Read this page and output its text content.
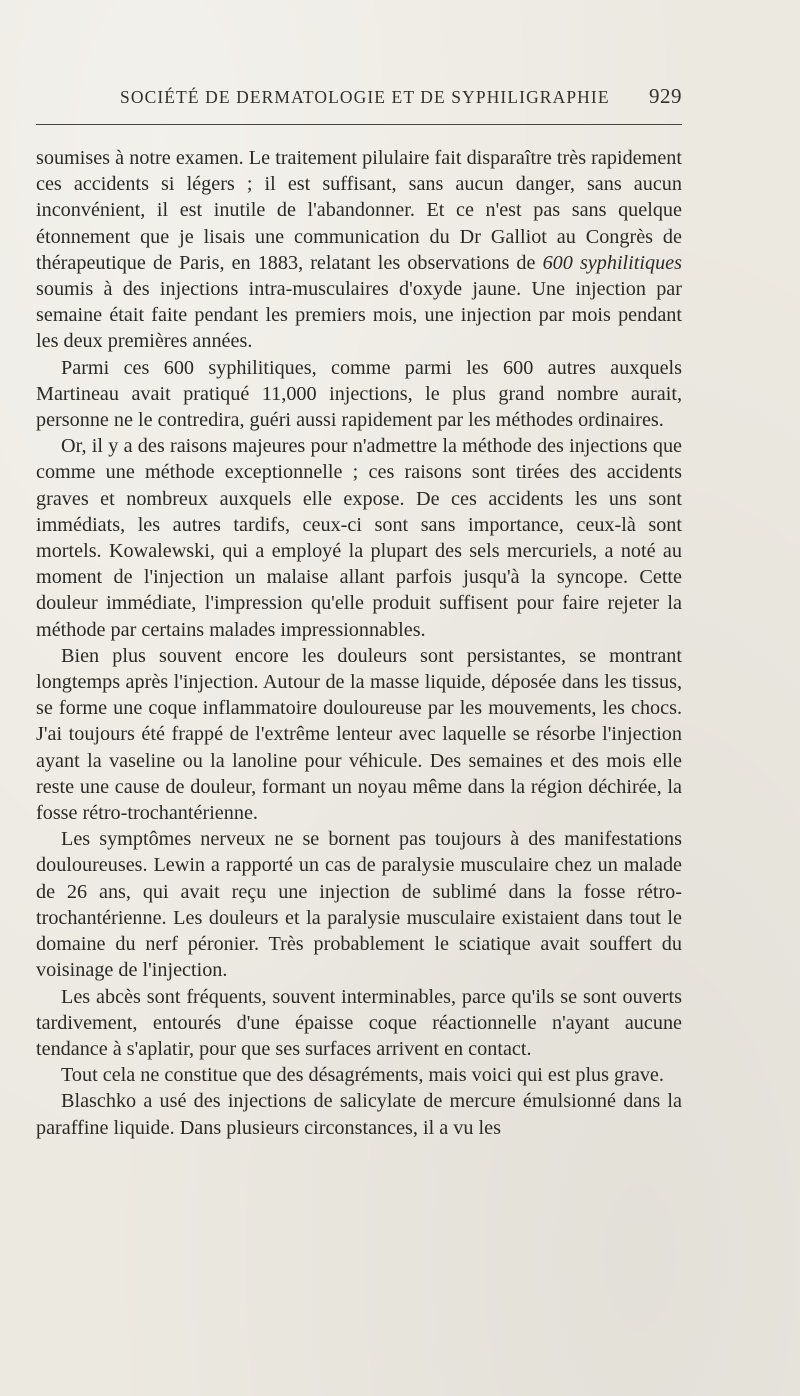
SOCIÉTÉ DE DERMATOLOGIE ET DE SYPHILIGRAPHIE 929

soumises à notre examen. Le traitement pilulaire fait disparaître très rapidement ces accidents si légers ; il est suffisant, sans aucun danger, sans aucun inconvénient, il est inutile de l'abandonner. Et ce n'est pas sans quelque étonnement que je lisais une communication du Dr Galliot au Congrès de thérapeutique de Paris, en 1883, relatant les observations de 600 syphilitiques soumis à des injections intra-musculaires d'oxyde jaune. Une injection par semaine était faite pendant les premiers mois, une injection par mois pendant les deux premières années.

Parmi ces 600 syphilitiques, comme parmi les 600 autres auxquels Martineau avait pratiqué 11,000 injections, le plus grand nombre aurait, personne ne le contredira, guéri aussi rapidement par les méthodes ordinaires.

Or, il y a des raisons majeures pour n'admettre la méthode des injections que comme une méthode exceptionnelle ; ces raisons sont tirées des accidents graves et nombreux auxquels elle expose. De ces accidents les uns sont immédiats, les autres tardifs, ceux-ci sont sans importance, ceux-là sont mortels. Kowalewski, qui a employé la plupart des sels mercuriels, a noté au moment de l'injection un malaise allant parfois jusqu'à la syncope. Cette douleur immédiate, l'impression qu'elle produit suffisent pour faire rejeter la méthode par certains malades impressionnables.

Bien plus souvent encore les douleurs sont persistantes, se montrant longtemps après l'injection. Autour de la masse liquide, déposée dans les tissus, se forme une coque inflammatoire douloureuse par les mouvements, les chocs. J'ai toujours été frappé de l'extrême lenteur avec laquelle se résorbe l'injection ayant la vaseline ou la lanoline pour véhicule. Des semaines et des mois elle reste une cause de douleur, formant un noyau même dans la région déchirée, la fosse rétro-trochantérienne.

Les symptômes nerveux ne se bornent pas toujours à des manifestations douloureuses. Lewin a rapporté un cas de paralysie musculaire chez un malade de 26 ans, qui avait reçu une injection de sublimé dans la fosse rétro-trochantérienne. Les douleurs et la paralysie musculaire existaient dans tout le domaine du nerf péronier. Très probablement le sciatique avait souffert du voisinage de l'injection.

Les abcès sont fréquents, souvent interminables, parce qu'ils se sont ouverts tardivement, entourés d'une épaisse coque réactionnelle n'ayant aucune tendance à s'aplatir, pour que ses surfaces arrivent en contact.

Tout cela ne constitue que des désagréments, mais voici qui est plus grave.

Blaschko a usé des injections de salicylate de mercure émulsionné dans la paraffine liquide. Dans plusieurs circonstances, il a vu les
